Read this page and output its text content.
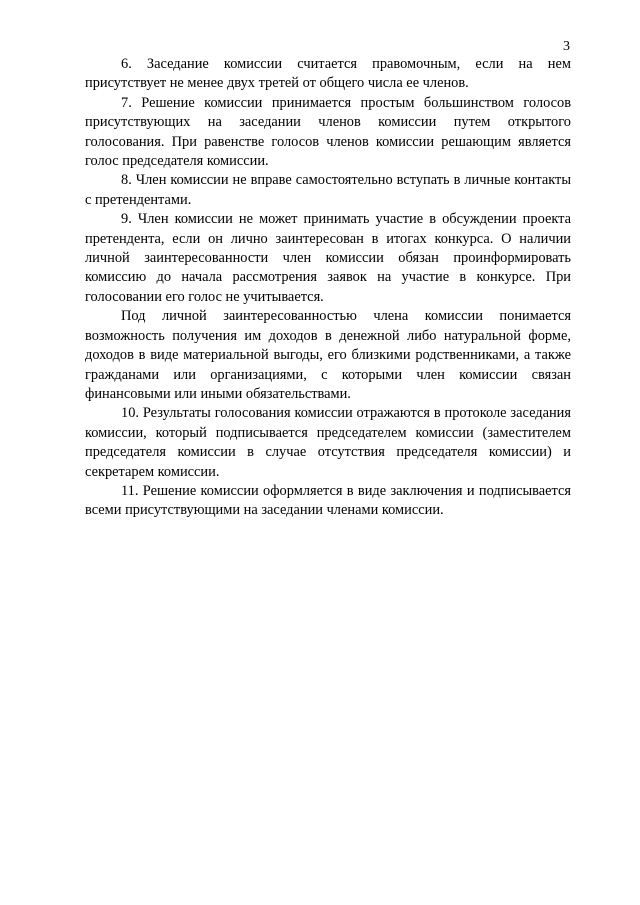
3

6. Заседание комиссии считается правомочным, если на нем присутствует не менее двух третей от общего числа ее членов.

7. Решение комиссии принимается простым большинством голосов присутствующих на заседании членов комиссии путем открытого голосования. При равенстве голосов членов комиссии решающим является голос председателя комиссии.

8. Член комиссии не вправе самостоятельно вступать в личные контакты с претендентами.

9. Член комиссии не может принимать участие в обсуждении проекта претендента, если он лично заинтересован в итогах конкурса. О наличии личной заинтересованности член комиссии обязан проинформировать комиссию до начала рассмотрения заявок на участие в конкурсе. При голосовании его голос не учитывается.

Под личной заинтересованностью члена комиссии понимается возможность получения им доходов в денежной либо натуральной форме, доходов в виде материальной выгоды, его близкими родственниками, а также гражданами или организациями, с которыми член комиссии связан финансовыми или иными обязательствами.

10. Результаты голосования комиссии отражаются в протоколе заседания комиссии, который подписывается председателем комиссии (заместителем председателя комиссии в случае отсутствия председателя комиссии) и секретарем комиссии.

11. Решение комиссии оформляется в виде заключения и подписывается всеми присутствующими на заседании членами комиссии.
